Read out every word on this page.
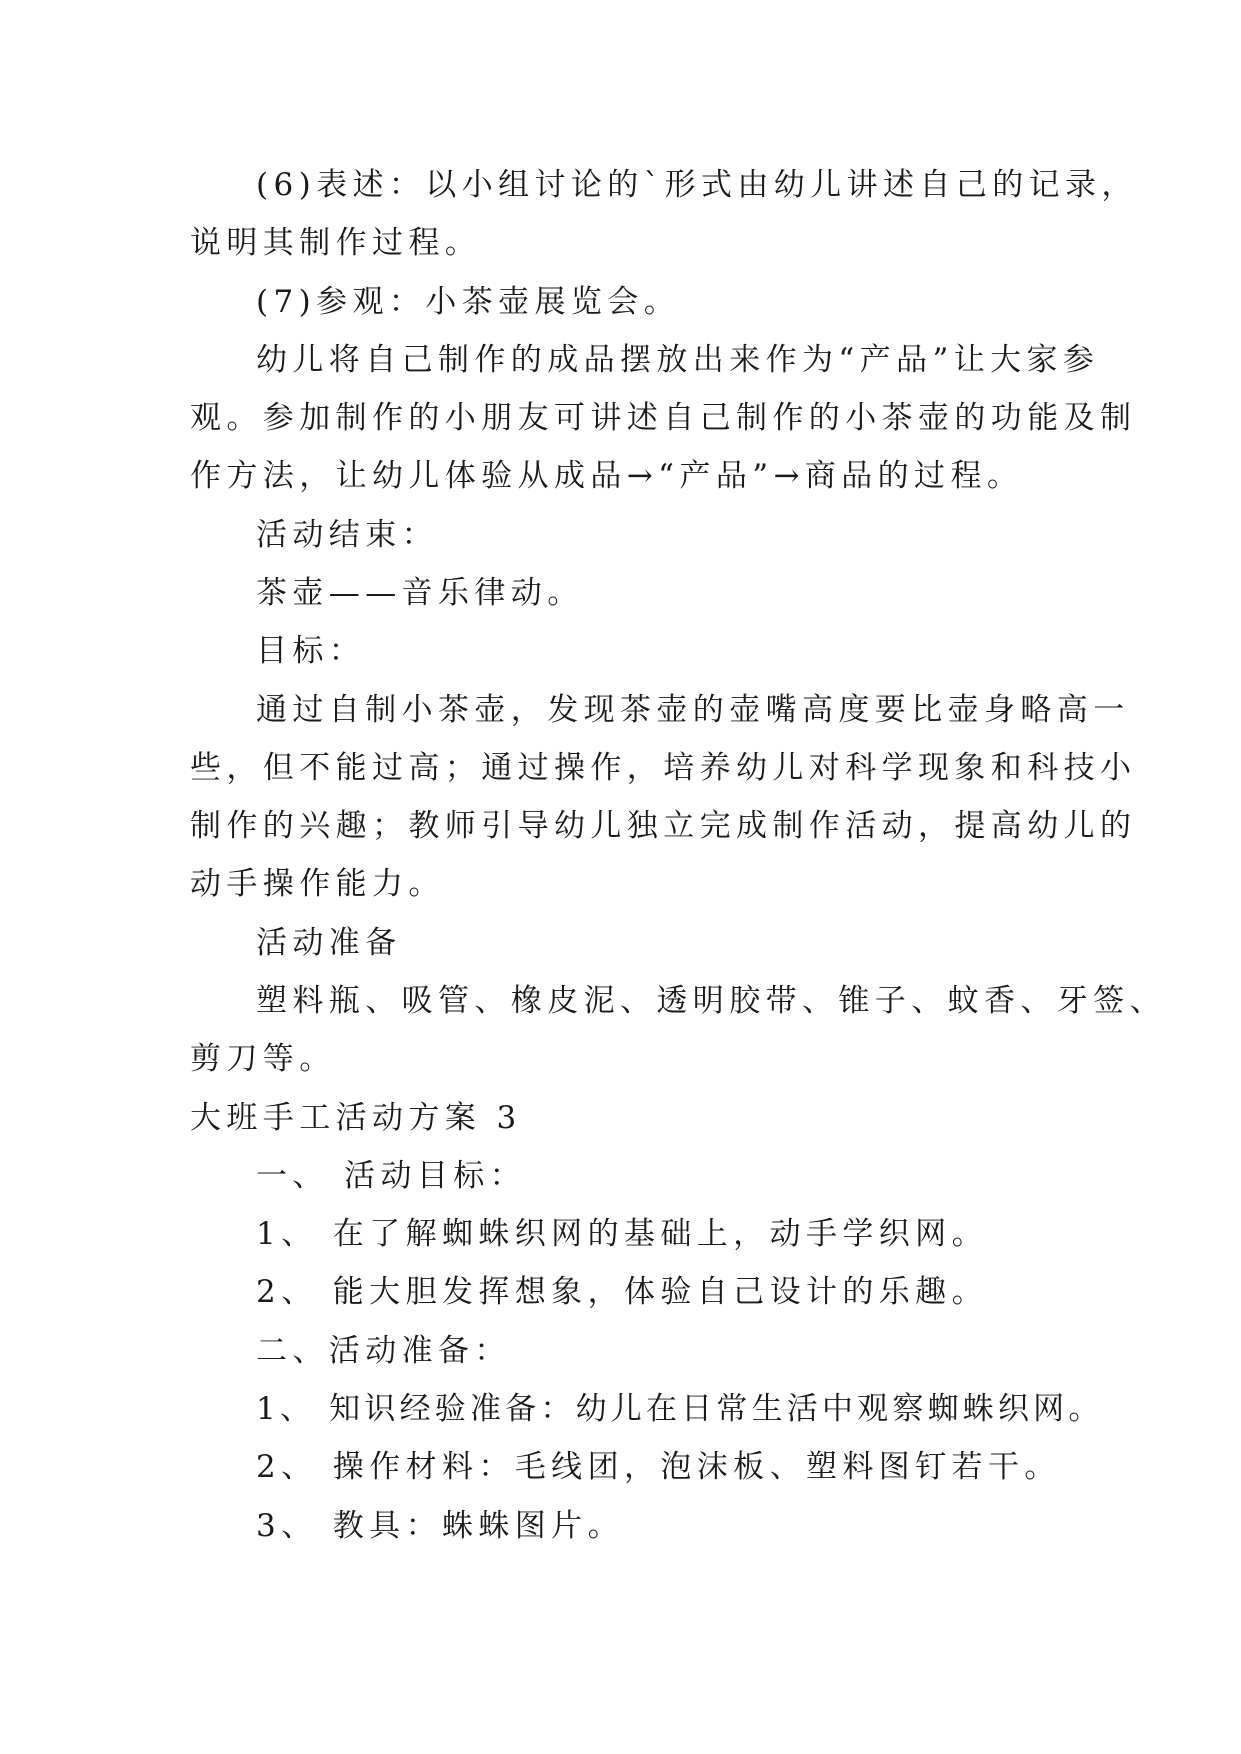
(6)表述：以小组讨论的`形式由幼儿讲述自己的记录，
说明其制作过程。
(7)参观：小茶壶展览会。
幼儿将自己制作的成品摆放出来作为“产品”让大家参
观。参加制作的小朋友可讲述自己制作的小茶壶的功能及制
作方法，让幼儿体验从成品→“产品”→商品的过程。
活动结束：
茶壶——音乐律动。
目标：
通过自制小茶壶，发现茶壶的壶嘴高度要比壶身略高一
些，但不能过高；通过操作，培养幼儿对科学现象和科技小
制作的兴趣；教师引导幼儿独立完成制作活动，提高幼儿的
动手操作能力。
活动准备
塑料瓶、吸管、橡皮泥、透明胶带、锥子、蚊香、牙签、
剪刀等。
大班手工活动方案 3
一、 活动目标：
1、 在了解蜘蛛织网的基础上，动手学织网。
2、 能大胆发挥想象，体验自己设计的乐趣。
二、活动准备：
1、 知识经验准备：幼儿在日常生活中观察蜘蛛织网。
2、 操作材料：毛线团，泡沫板、塑料图钉若干。
3、 教具：蛛蛛图片。
